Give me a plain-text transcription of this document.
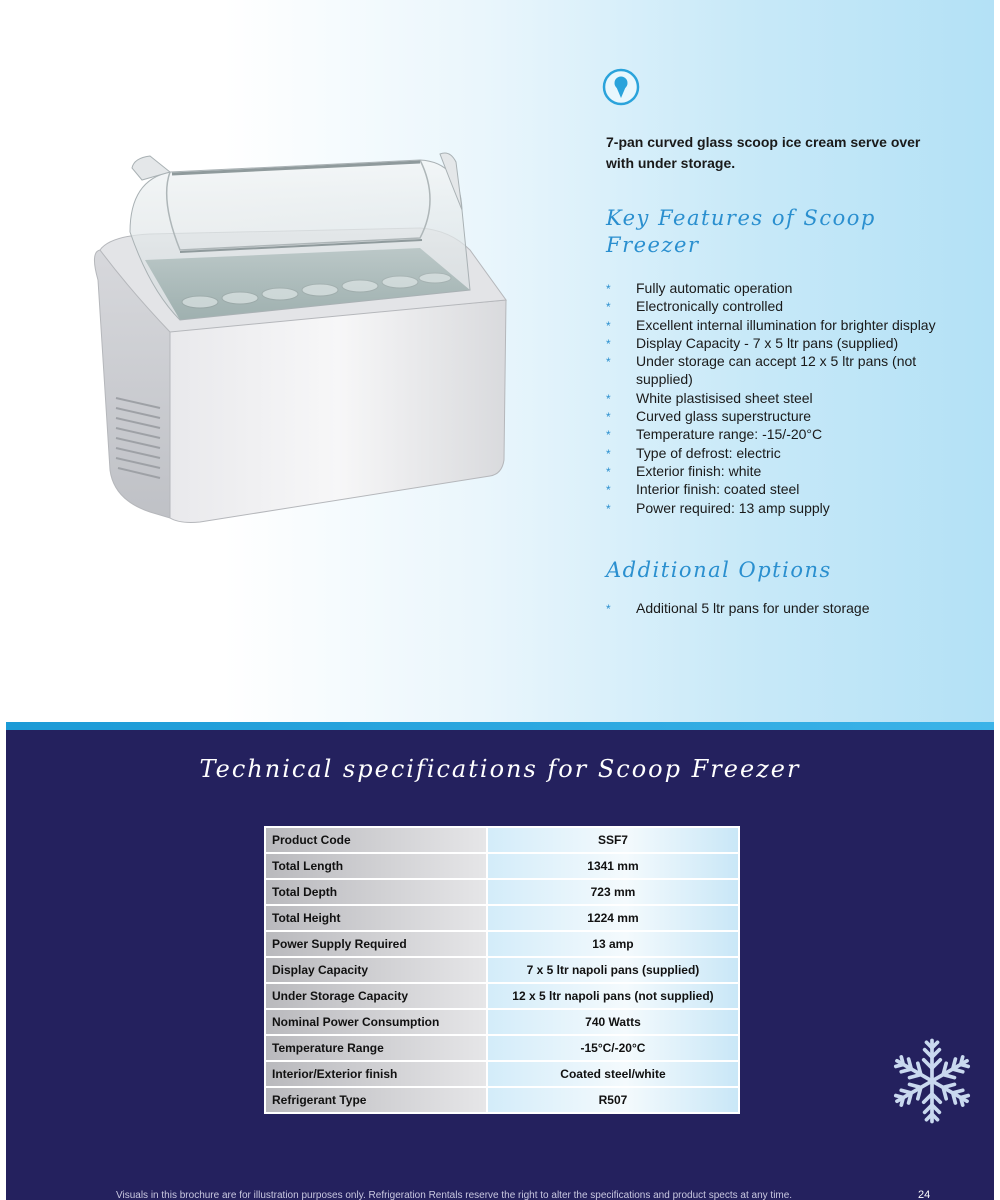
7-pan curved glass scoop ice cream serve over with under storage.
Key Features of Scoop Freezer
* Fully automatic operation
* Electronically controlled
* Excellent internal illumination for brighter display
* Display Capacity - 7 x 5 ltr pans (supplied)
* Under storage can accept 12 x 5 ltr pans (not supplied)
* White plastisised sheet steel
* Curved glass superstructure
* Temperature range: -15/-20°C
* Type of defrost: electric
* Exterior finish: white
* Interior finish: coated steel
* Power required: 13 amp supply
Additional Options
* Additional 5 ltr pans for under storage
Technical specifications for Scoop Freezer
Product Code	SSF7
Total Length	1341 mm
Total Depth	723 mm
Total Height	1224 mm
Power Supply Required	13 amp
Display Capacity	7 x 5 ltr napoli pans (supplied)
Under Storage Capacity	12 x 5 ltr napoli pans (not supplied)
Nominal Power Consumption	740 Watts
Temperature Range	-15°C/-20°C
Interior/Exterior finish	Coated steel/white
Refrigerant Type	R507
Visuals in this brochure are for illustration purposes only. Refrigeration Rentals reserve the right to alter the specifications and product spects at any time.	24
